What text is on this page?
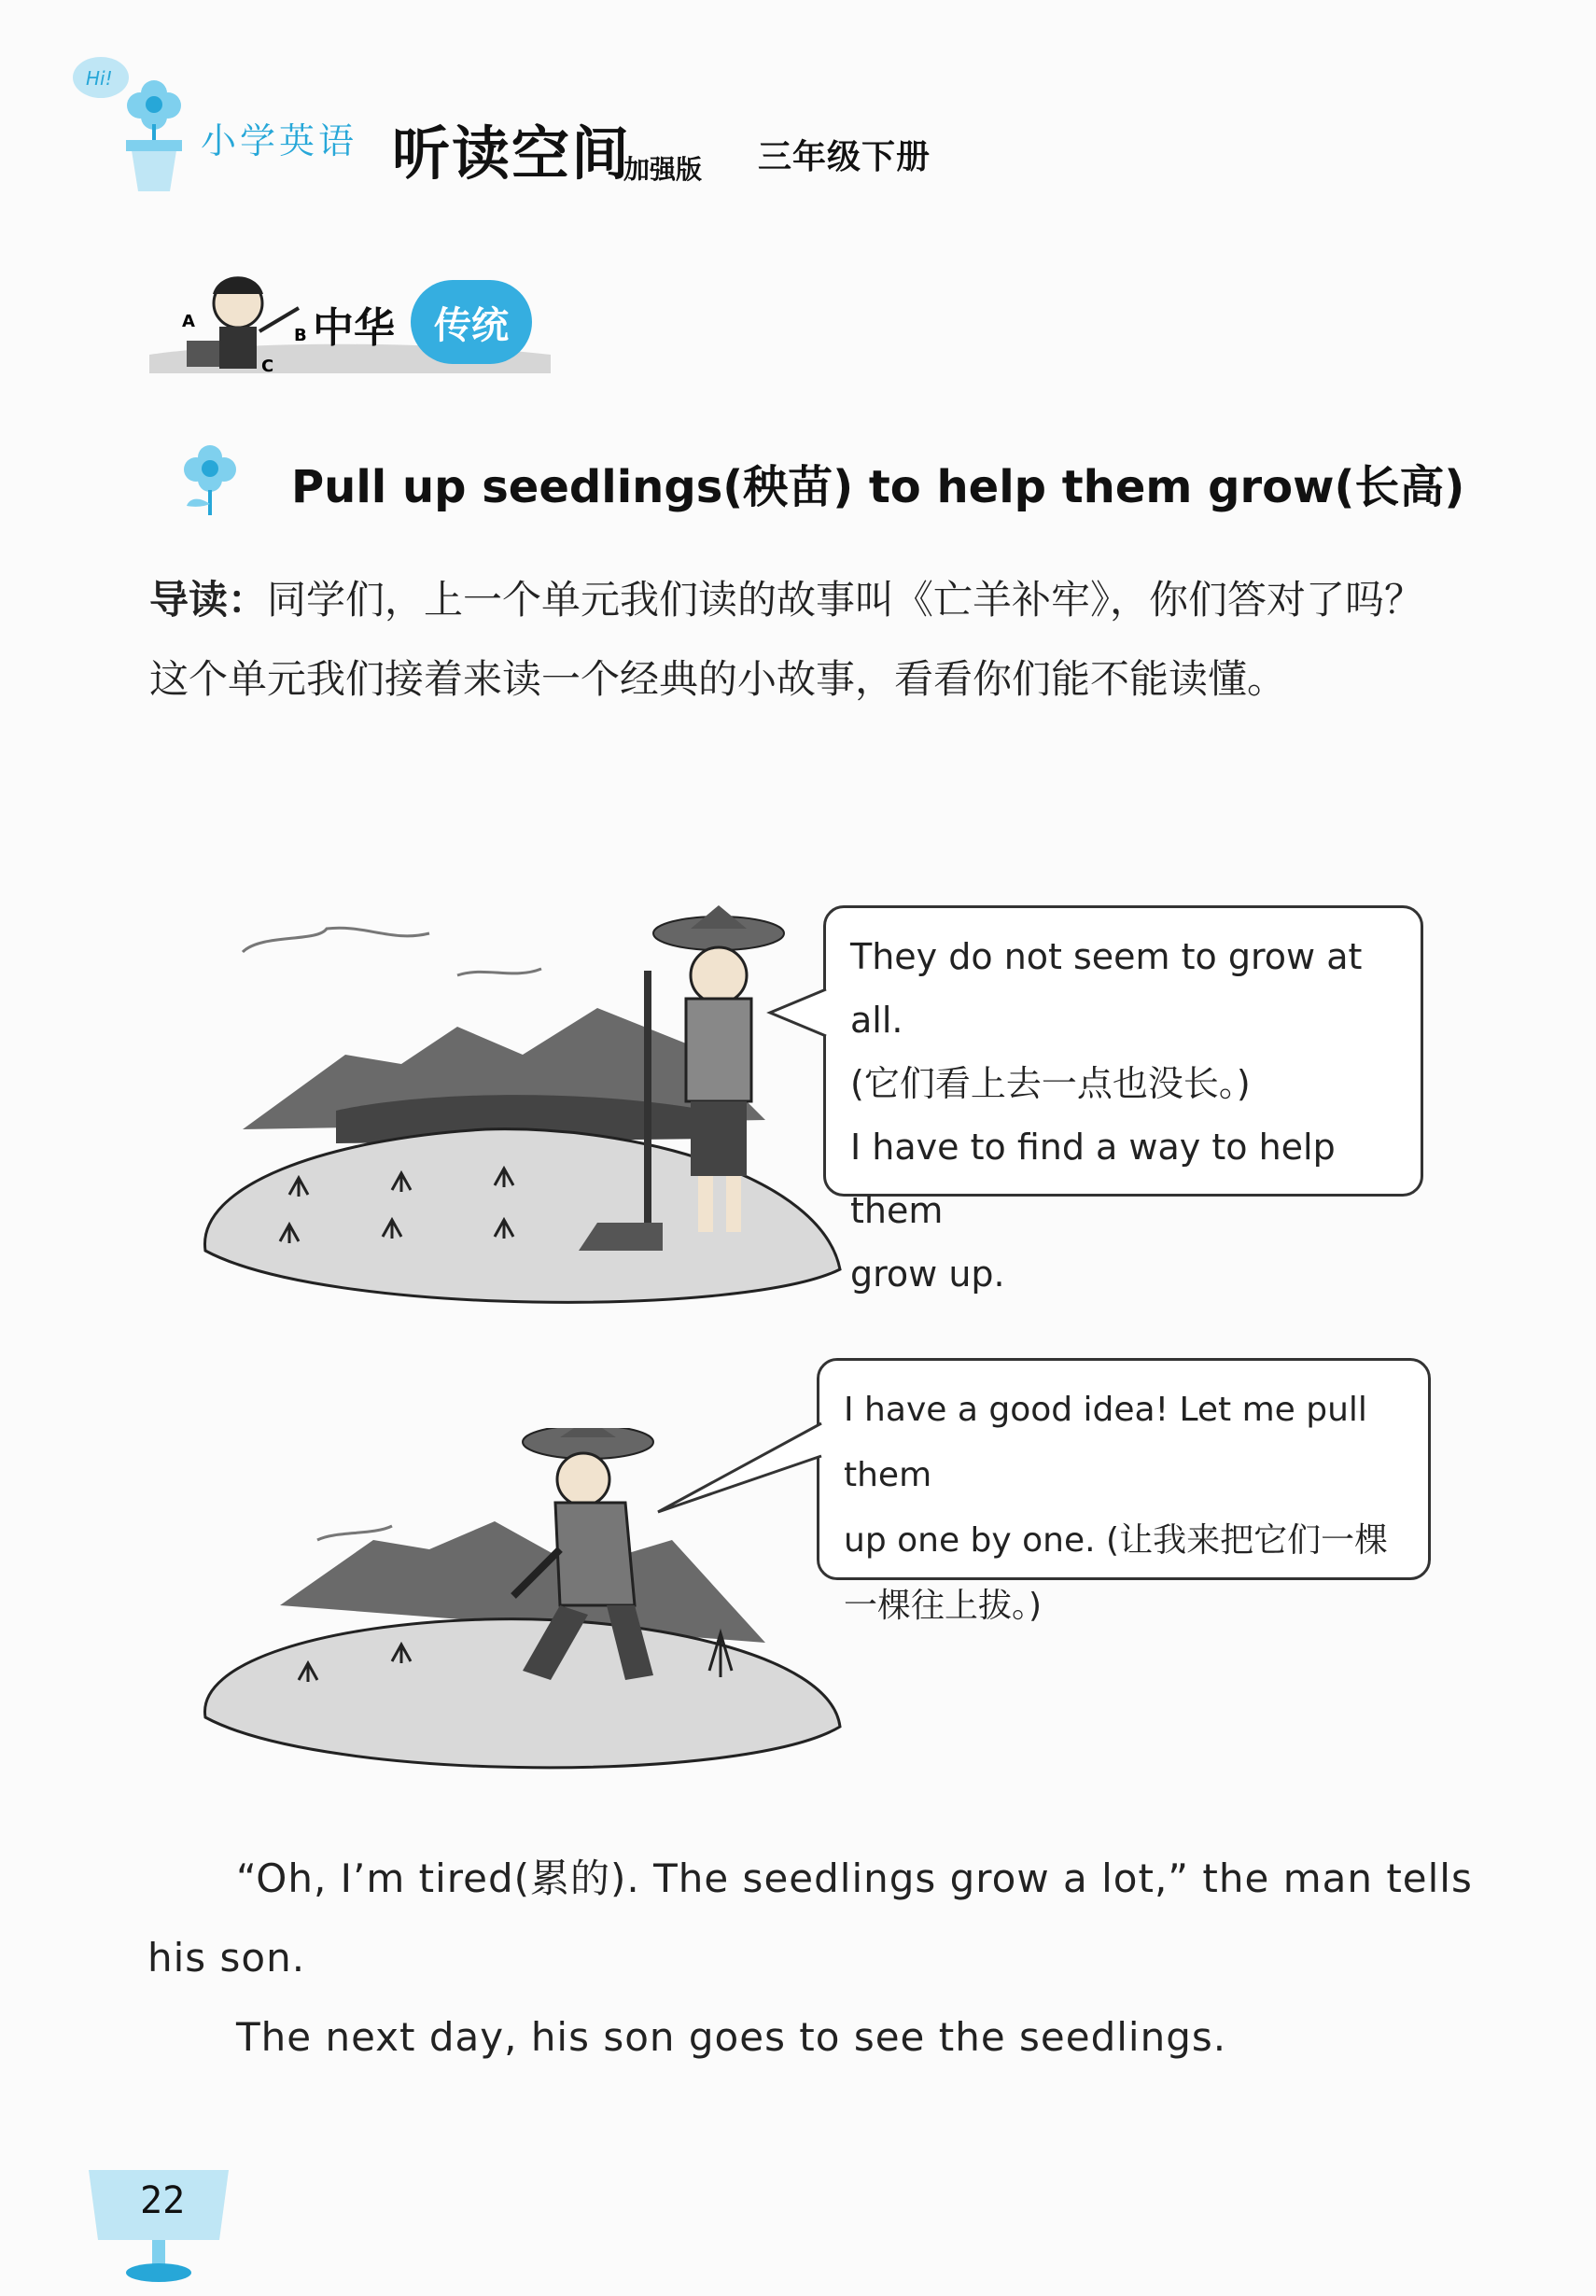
Hi!
小学英语 听读空间
加强版 三年级下册
A
B
C
中华	传统
Pull up seedlings(秧苗) to help them grow(长高)
导读：同学们，上一个单元我们读的故事叫《亡羊补牢》，你们答对了吗？ 这个单元我们接着来读一个经典的小故事，看看你们能不能读懂。
They do not seem to grow at all.
(它们看上去一点也没长。)
I have to find a way to help them
grow up.
I have a good idea! Let me pull them
up one by one. (让我来把它们一棵
一棵往上拔。)

“Oh, I’m tired(累的). The seedlings grow a lot,” the man tells his son.

The next day, his son goes to see the seedlings.

22
